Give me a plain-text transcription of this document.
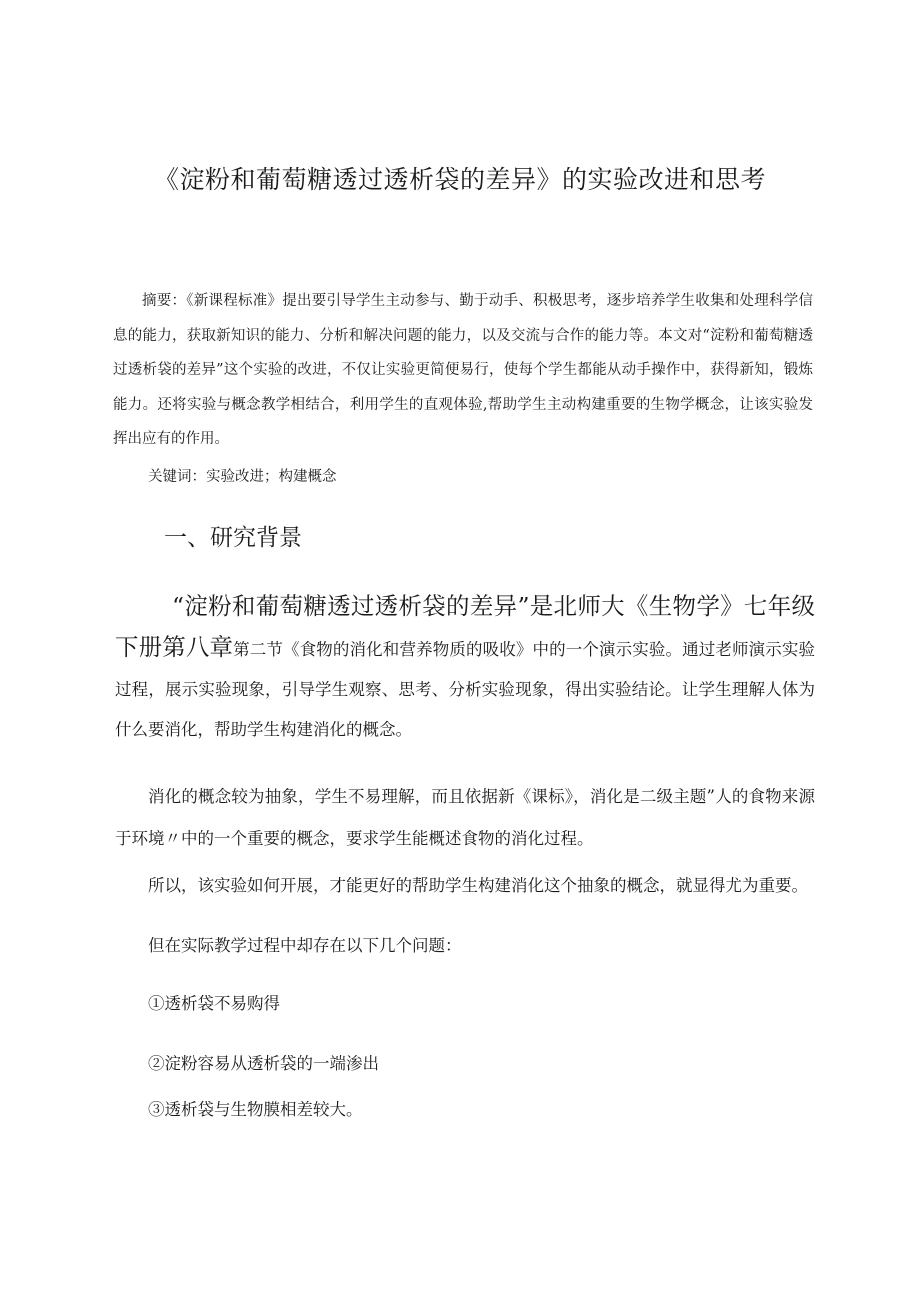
《淀粉和葡萄糖透过透析袋的差异》的实验改进和思考
摘要：《新课程标准》提出要引导学生主动参与、勤于动手、积极思考，逐步培养学生收集和处理科学信息的能力，获取新知识的能力、分析和解决问题的能力，以及交流与合作的能力等。本文对“淀粉和葡萄糖透过透析袋的差异”这个实验的改进，不仅让实验更简便易行，使每个学生都能从动手操作中，获得新知，锻炼能力。还将实验与概念教学相结合，利用学生的直观体验,帮助学生主动构建重要的生物学概念，让该实验发挥出应有的作用。
关键词：实验改进；构建概念
一、研究背景
“淀粉和葡萄糖透过透析袋的差异”是北师大《生物学》七年级下册第八章第二节《食物的消化和营养物质的吸收》中的一个演示实验。通过老师演示实验过程，展示实验现象，引导学生观察、思考、分析实验现象，得出实验结论。让学生理解人体为什么要消化，帮助学生构建消化的概念。
消化的概念较为抽象，学生不易理解，而且依据新《课标》，消化是二级主题”人的食物来源于环境〃中的一个重要的概念，要求学生能概述食物的消化过程。
所以，该实验如何开展，才能更好的帮助学生构建消化这个抽象的概念，就显得尤为重要。
但在实际教学过程中却存在以下几个问题：
①透析袋不易购得
②淀粉容易从透析袋的一端渗出
③透析袋与生物膜相差较大。
